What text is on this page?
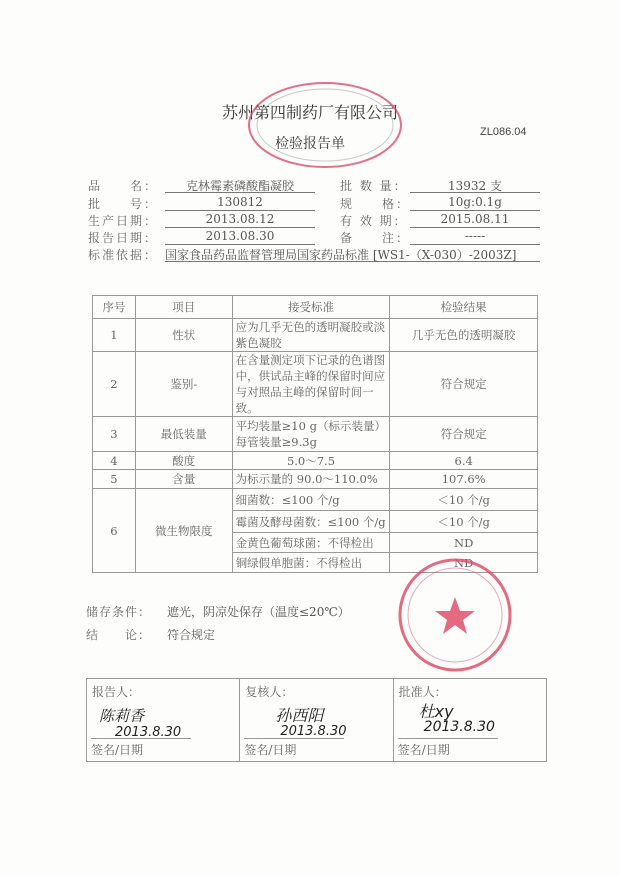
苏州第四制药厂有限公司
检验报告单
ZL086.04
品　　名：	克林霉素磷酸酯凝胶	批 数 量：	13932 支
批　　号：	130812	规　　格：	10g:0.1g
生产日期：	2013.08.12	有 效 期：	2015.08.11
报告日期：	2013.08.30	备　　注：	-----
标准依据： 国家食品药品监督管理局国家药品标准 [WS1-（X-030）-2003Z]
序号	项目	接受标准	检验结果
1	性状	应为几乎无色的透明凝胶或淡紫色凝胶	几乎无色的透明凝胶
2	鉴别-	在含量测定项下记录的色谱图中，供试品主峰的保留时间应与对照品主峰的保留时间一致。	符合规定
3	最低装量	平均装量≥10 g（标示装量）每管装量≥9.3g	符合规定
4	酸度	5.0～7.5	6.4
5	含量	为标示量的 90.0～110.0%	107.6%
6	微生物限度	细菌数：≤100 个/g	＜10 个/g
		霉菌及酵母菌数：≤100 个/g	＜10 个/g
		金黄色葡萄球菌：不得检出	ND
		铜绿假单胞菌：不得检出	ND
储存条件： 遮光，阴凉处保存（温度≤20℃）
结　　论： 符合规定
报告人：
陈莉香
2013.8.30
签名/日期
复核人：
孙西阳
2013.8.30
签名/日期
批准人：
杜xy
2013.8.30
签名/日期
